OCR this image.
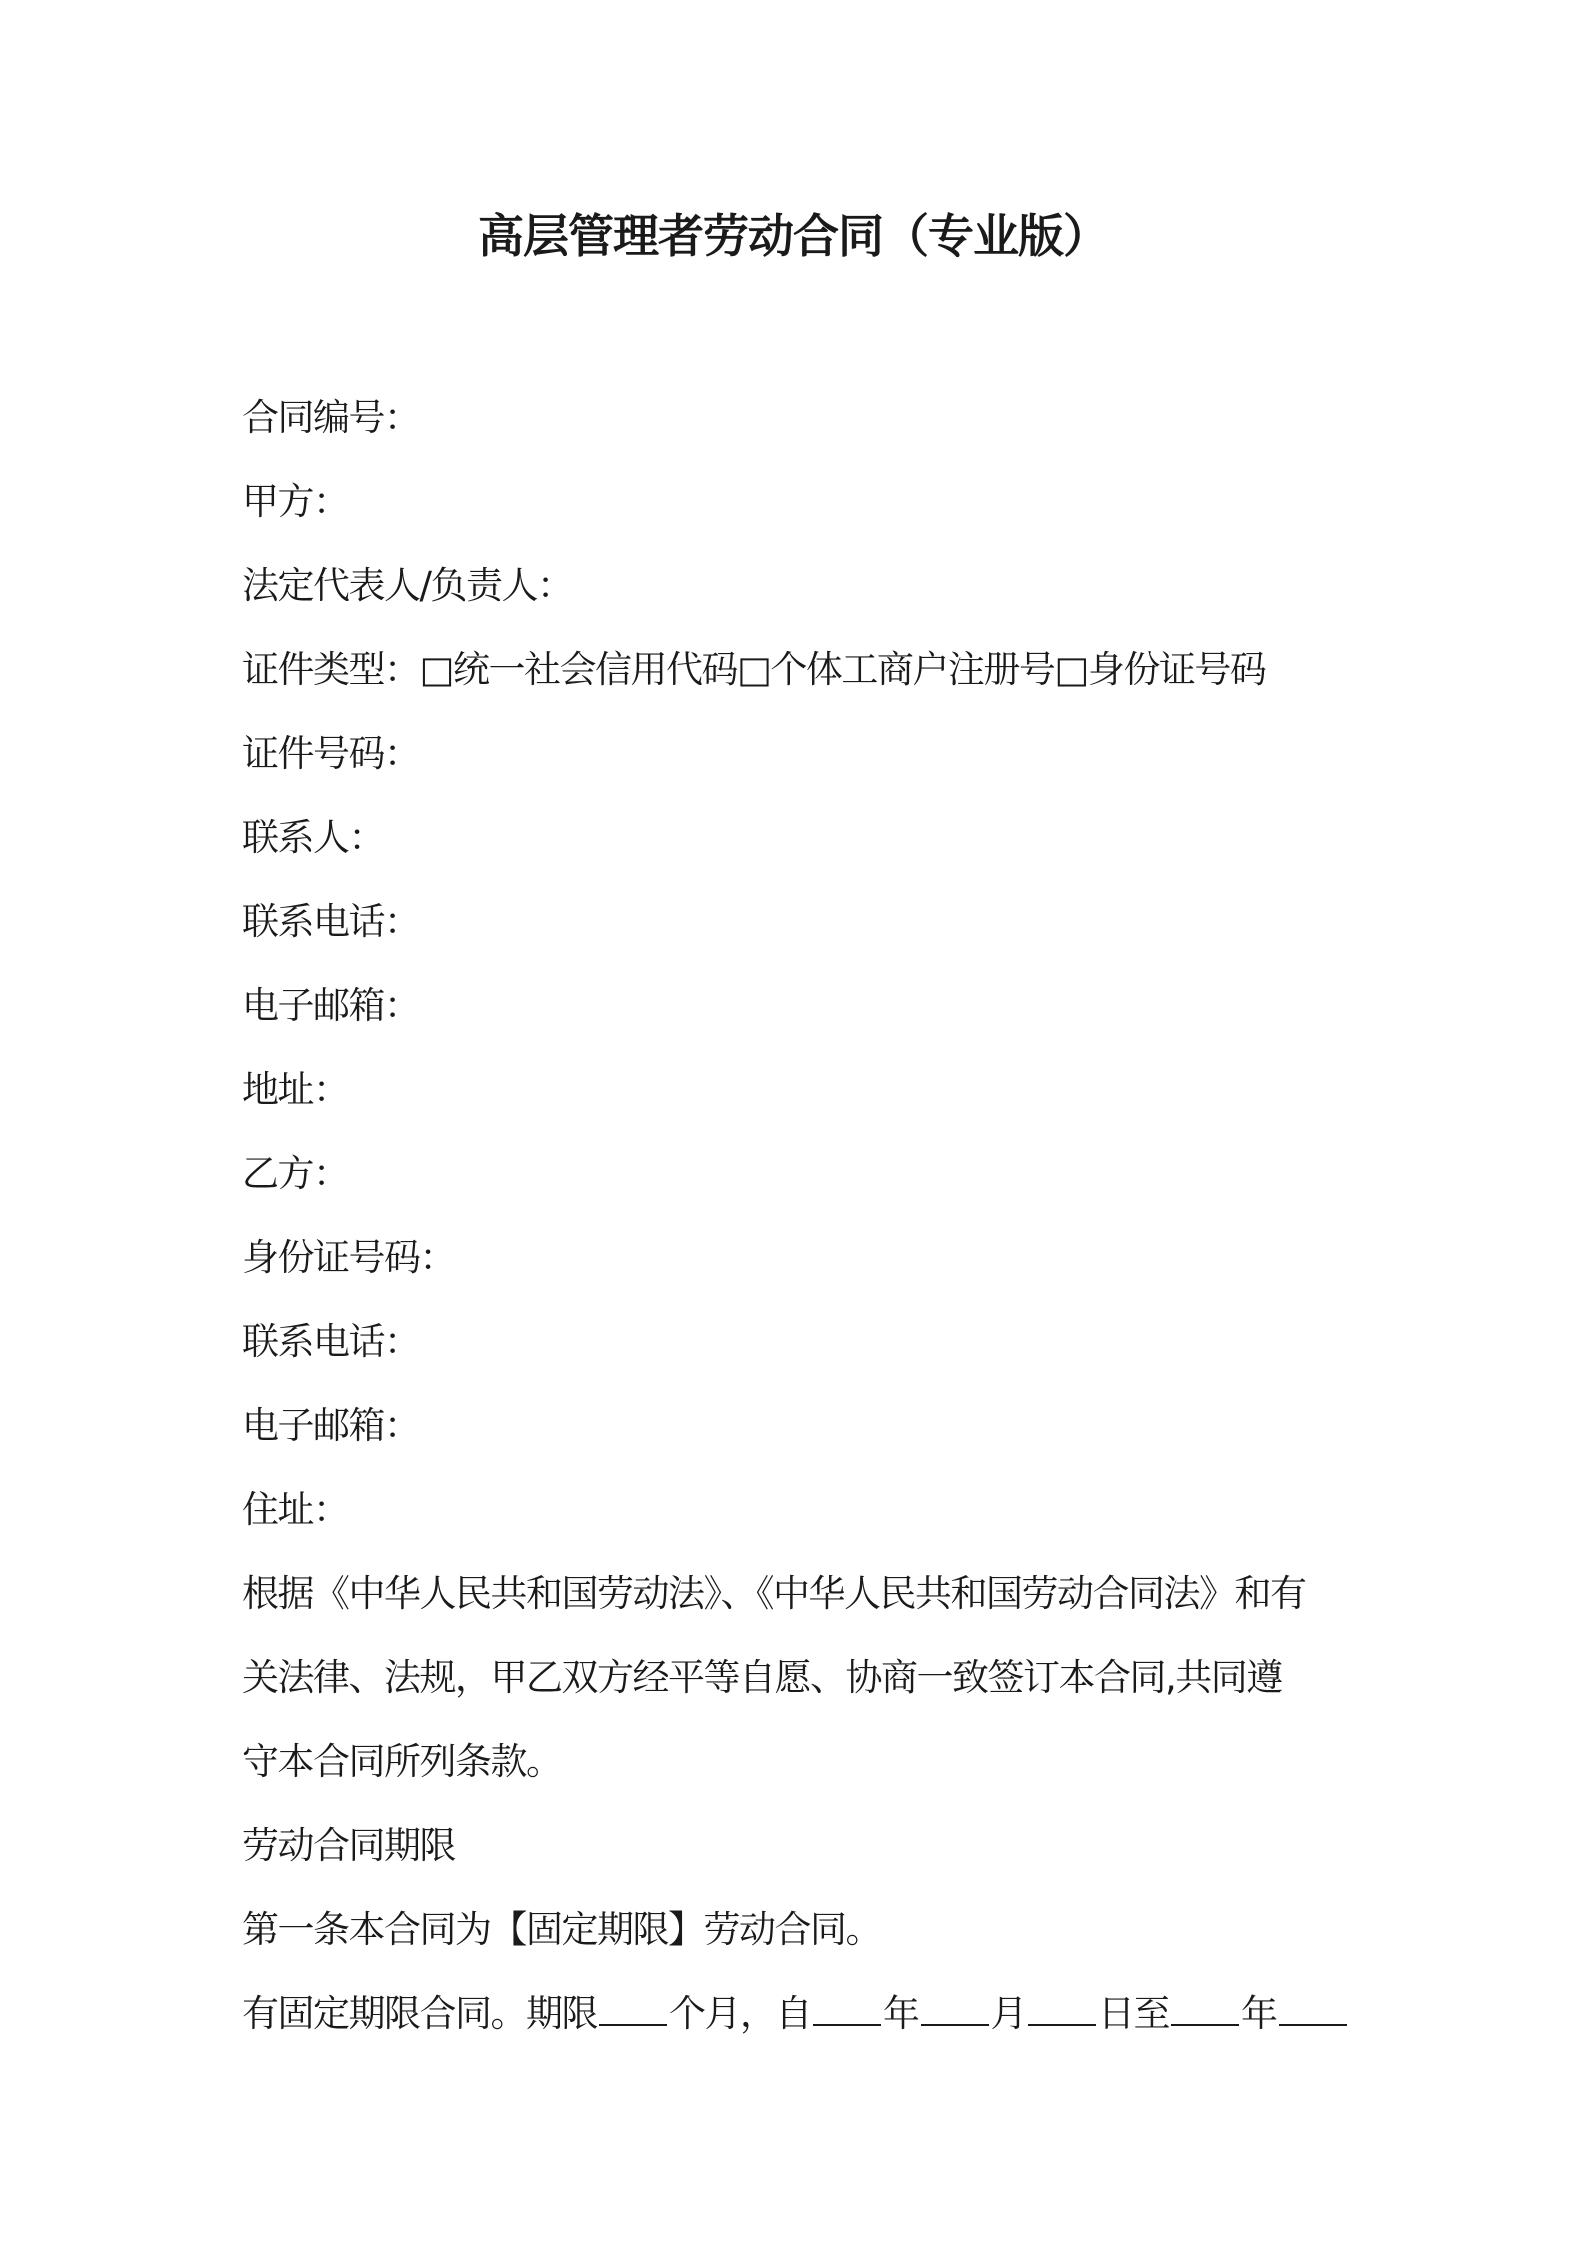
高层管理者劳动合同（专业版）
合同编号：
甲方：
法定代表人/负责人：
证件类型：□统一社会信用代码□个体工商户注册号□身份证号码
证件号码：
联系人：
联系电话：
电子邮箱：
地址：
乙方：
身份证号码：
联系电话：
电子邮箱：
住址：
根据《中华人民共和国劳动法》、《中华人民共和国劳动合同法》和有
关法律、法规，甲乙双方经平等自愿、协商一致签订本合同,共同遵
守本合同所列条款。
劳动合同期限
第一条本合同为【固定期限】劳动合同。
有固定期限合同。期限 个月，自 年 月 日至 年
